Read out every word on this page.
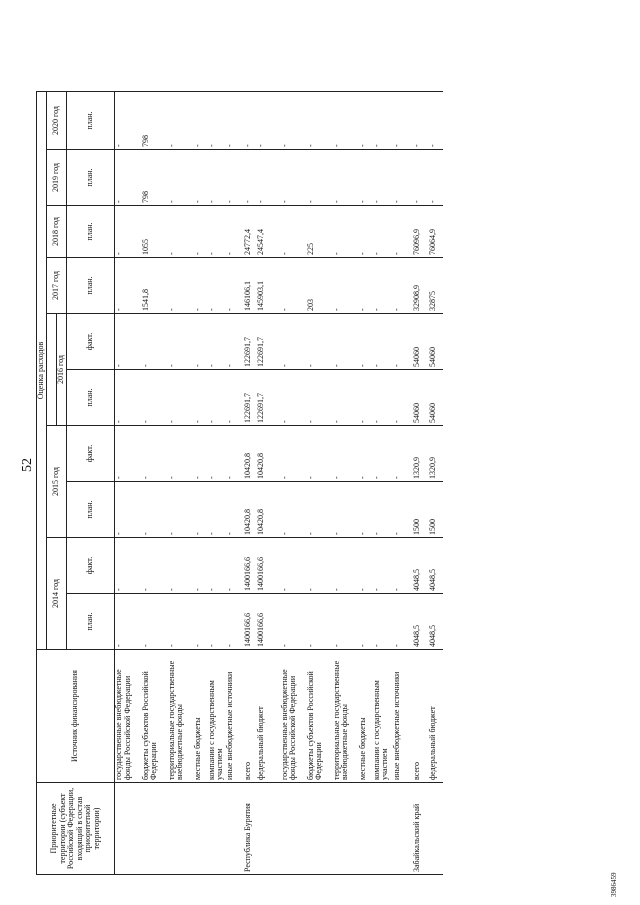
52
3986459
Приоритетные территории (субъект Российской Федерации, входящий в состав приоритетной территории)	Источник финансирования	Оценка расходов									
		2014 год		2015 год				2017 год	2018 год	2019 год	2020 год
						2016 год					
		план.	факт.	план.	факт.	план.	факт.	план.	план.	план.	план.
	государственные внебюджетные фонды Российской Федерации	-	-	-	-	-	-	-	-	-	-
	бюджеты субъектов Российской Федерации	-	-	-	-	-	-	1541,8	1055	798	798
	территориальные государственные внебюджетные фонды	-	-	-	-	-	-	-	-	-	-
	местные бюджеты	-	-	-	-	-	-	-	-	-	-
	компании с государственным участием	-	-	-	-	-	-	-	-	-	-
	иные внебюджетные источники	-	-	-	-	-	-	-	-	-	-
Республика Бурятия	всего	1400166,6	1400166,6	10420,8	10420,8	122691,7	122691,7	146106,1	24772,4	-	-
	федеральный бюджет	1400166,6	1400166,6	10420,8	10420,8	122691,7	122691,7	145903,1	24547,4	-	-
	государственные внебюджетные фонды Российской Федерации	-	-	-	-	-	-	-	-	-	-
	бюджеты субъектов Российской Федерации	-	-	-	-	-	-	203	225	-	-
	территориальные государственные внебюджетные фонды	-	-	-	-	-	-	-	-	-	-
	местные бюджеты	-	-	-	-	-	-	-	-	-	-
	компании с государственным участием	-	-	-	-	-	-	-	-	-	-
	иные внебюджетные источники	-	-	-	-	-	-	-	-	-	-
Забайкальский край	всего	4048,5	4048,5	1500	1320,9	54060	54060	32908,9	76096,9	-	-
	федеральный бюджет	4048,5	4048,5	1500	1320,9	54060	54060	32875	76064,9	-	-
